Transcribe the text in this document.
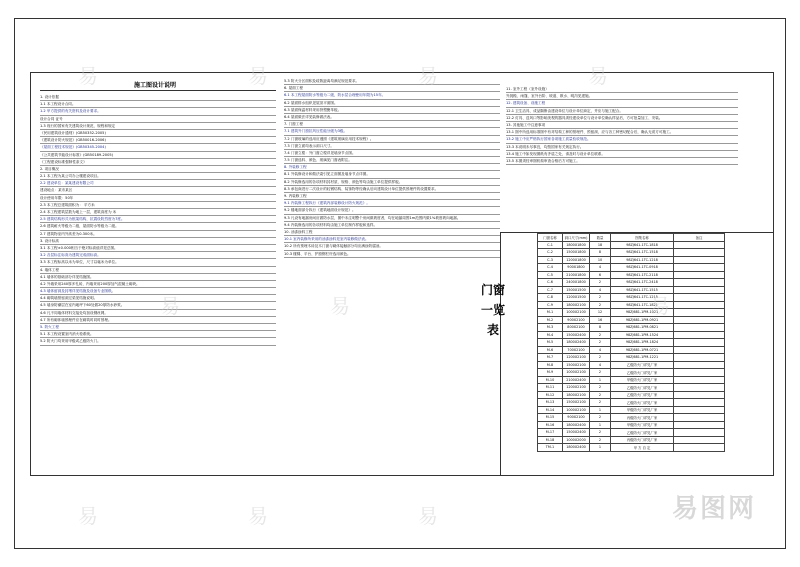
施工图设计说明
1. 设计依据
1.1 本工程设计合同。
1.2 甲方提供的有关资料及设计要求。
设计合同 证号
1.3 现行的国家有关建筑设计规范、规程和规定
《民用建筑设计通则》(GB50352-2005)
《建筑设计防火规范》(GB50016-2006)
《屋面工程技术规范》(GB50345-2004)
《公共建筑节能设计标准》(GB50189-2005)
《工程建设标准强制性条文》
2. 项目概况
2.1 本工程为某公司办公楼建设项目。
2.2 建设单位：某某建设有限公司
建设地点：某市某区
设计使用年限：50年
2.3 本工程总建筑面积为： 平方米
2.4 本工程建筑层数为地上一层，建筑高度为 米
2.5 建筑结构形式为框架结构，抗震设防烈度为7度。
2.6 建筑耐火等级为二级，屋面防水等级为二级。
2.7 建筑物室内外高差为0.300米。
3. 设计标高
3.1 本工程±0.000相当于绝对标高值详见总图。
3.2 各层标注标高为建筑完成面标高。
3.3 本工程标高以米为单位，尺寸以毫米为单位。
4. 墙体工程
4.1 墙体的基础部分详见结施图。
4.2 外墙采用240厚多孔砖，内墙采用200厚加气混凝土砌块。
4.3 墙体留洞及封堵详见结施及设备专业图纸。
4.4 砌筑墙预留洞过梁见结施说明。
4.5 墙身防潮层在室内地坪下60处做20厚防水砂浆。
4.6 凡不同墙体材料交接处均加设钢丝网。
4.7 所有砌体墙预埋件应在砌筑时同时预埋。
5. 防火工程
5.1 本工程设置室内消火栓系统。
5.2 防火门均采用甲级或乙级防火门。
5.3 防火分区面积及疏散距离均满足规范要求。
6. 屋面工程
6.1 本工程屋面防水等级为二级，防水层合理使用年限为15年。
6.2 屋面排水组织见屋顶平面图。
6.3 屋面保温材料采用挤塑聚苯板。
6.4 屋面做法详见装修做法表。
7. 门窗工程
7.1 建筑外门窗抗风压性能分级为3级。
7.2 门窗玻璃的选用应遵照《建筑玻璃应用技术规程》。
7.3 门窗立面均表示洞口尺寸。
7.4 门窗立樘：外门窗立樘详见墙身节点图。
7.5 门窗选料、颜色、玻璃见门窗表附注。
8. 外装修工程
8.1 外装修设计和做法索引见立面图及墙身节点详图。
8.2 外装修选用的各项材料其材质、规格、颜色等均由施工单位提供样板。
8.3 承包商进行二次设计的轻钢结构、装饰物等经确认后向建筑设计单位提供预埋件的设置要求。
9. 内装修工程
9.1 内装修工程执行《建筑内部装修设计防火规范》。
9.2 楼地面部分执行《建筑地面设计规范》。
9.3 凡设有地漏房间应做防水层，图中未注明整个房间做坡度者，均在地漏周围1m范围内做1%坡度坡向地漏。
9.4 内装修选用的各项材料均由施工单位制作样板和选样。
10. 油漆涂料工程
10.1 室内装修所采用的油漆涂料见室内装修做法表。
10.2 所有预埋木砖及木门窗与砌体接触部分均应满涂防腐油。
10.3 楼梯、平台、护窗钢栏杆选用颜色。
11. 室外工程（室外设施）
外挑檐、雨篷、室外台阶、坡道、散水、明沟见建施。
12. 建筑设备、设施工程
12.1 卫生洁具、成品隔断由建设单位与设计单位商定，并应与施工配合。
12.2 灯具、送风口等影响美观的器具须经建设单位与设计单位确认样品后，方可批量加工、安装。
13. 其他施工中注意事项
13.1 图中所选用标准图中有对结构工种的预埋件、预留洞，应与各工种密切配合后，确认无误方可施工。
13.2 施工中应严格执行国家各项施工质量验收规范。
13.3 本说明未尽事宜，均按国家有关规定执行。
13.4 施工中如发现图纸有矛盾之处，请及时与设计单位联系。
13.5 本图须经审图机构审查合格后方可施工。
门窗一览表
门窗名称	洞口尺寸(mm)	数量	图集名称	备注
C-1	1800X1800	18	98ZJ641-1TC-1818	
C-2	1500X1800	8	98ZJ641-1TC-1518	
C-3	1200X1800	10	98ZJ641-1TC-1218	
C-4	900X1800	4	98ZJ641-1TC-0918	
C-5	2100X1800	6	98ZJ641-1TC-2118	
C-6	2400X1800	2	98ZJ641-1TC-2418	
C-7	1500X1500	4	98ZJ641-1TC-1515	
C-8	1200X1500	2	98ZJ641-1TC-1215	
C-9	1800X2100	2	98ZJ641-1TC-1821	
M-1	1000X2100	12	98ZJ681-1PM-1021	
M-2	900X2100	16	98ZJ681-1PM-0921	
M-3	800X2100	8	98ZJ681-1PM-0821	
M-4	1500X2400	2	98ZJ681-1PM-1524	
M-5	1800X2400	2	98ZJ681-1PM-1824	
M-6	700X2100	4	98ZJ681-1PM-0721	
M-7	1200X2100	2	98ZJ681-1PM-1221	
M-8	1500X2100	4	乙级防火门详见厂家	
M-9	1000X2100	2	乙级防火门详见厂家	
M-10	2100X2400	1	甲级防火门详见厂家	
M-11	1200X2100	2	乙级防火门详见厂家	
M-12	1800X2100	2	乙级防火门详见厂家	
M-13	1500X2100	2	乙级防火门详见厂家	
M-14	1000X2100	1	甲级防火门详见厂家	
M-15	900X2100	2	丙级防火门详见厂家	
M-16	1800X2400	1	甲级防火门详见厂家	
M-17	1500X2400	2	乙级防火门详见厂家	
M-18	1000X2000	2	丙级防火门详见厂家	
TM-1	1800X2400	1	甲 方 自 定	
易	易	易	易
易	易	易
易	易	易	易图网
